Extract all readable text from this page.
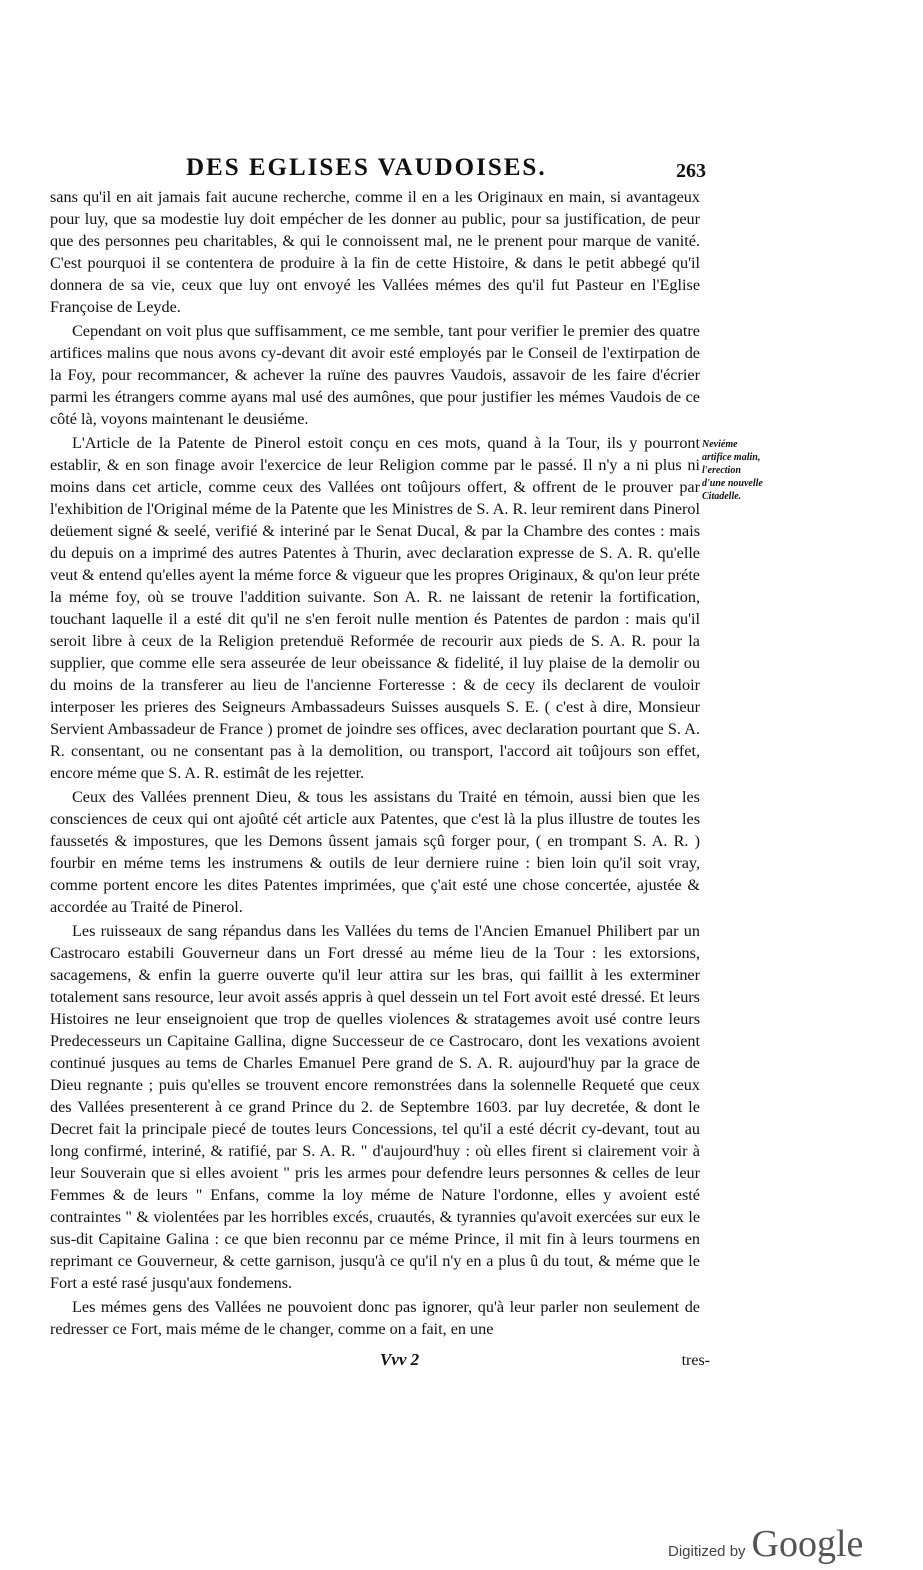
DES EGLISES VAUDOISES.	263

sans qu'il en ait jamais fait aucune recherche, comme il en a les Originaux en main, si avantageux pour luy, que sa modestie luy doit empécher de les donner au public, pour sa justification, de peur que des personnes peu charitables, & qui le connoissent mal, ne le prenent pour marque de vanité. C'est pourquoi il se contentera de produire à la fin de cette Histoire, & dans le petit abbegé qu'il donnera de sa vie, ceux que luy ont envoyé les Vallées mémes des qu'il fut Pasteur en l'Eglise Françoise de Leyde.

Cependant on voit plus que suffisamment, ce me semble, tant pour verifier le premier des quatre artifices malins que nous avons cy-devant dit avoir esté employés par le Conseil de l'extirpation de la Foy, pour recommancer, & achever la ruïne des pauvres Vaudois, assavoir de les faire d'écrier parmi les étrangers comme ayans mal usé des aumônes, que pour justifier les mémes Vaudois de ce côté là, voyons maintenant le deusiéme.

L'Article de la Patente de Pinerol estoit conçu en ces mots, quand à la Tour, ils y pourront establir, & en son finage avoir l'exercice de leur Religion comme par le passé. Il n'y a ni plus ni moins dans cet article, comme ceux des Vallées ont toûjours offert, & offrent de le prouver par l'exhibition de l'Original méme de la Patente que les Ministres de S. A. R. leur remirent dans Pinerol deüement signé & seelé, verifié & interiné par le Senat Ducal, & par la Chambre des contes : mais du depuis on a imprimé des autres Patentes à Thurin, avec declaration expresse de S. A. R. qu'elle veut & entend qu'elles ayent la méme force & vigueur que les propres Originaux, & qu'on leur préte la méme foy, où se trouve l'addition suivante. Son A. R. ne laissant de retenir la fortification, touchant laquelle il a esté dit qu'il ne s'en feroit nulle mention és Patentes de pardon : mais qu'il seroit libre à ceux de la Religion pretenduë Reformée de recourir aux pieds de S. A. R. pour la supplier, que comme elle sera asseurée de leur obeissance & fidelité, il luy plaise de la demolir ou du moins de la transferer au lieu de l'ancienne Forteresse : & de cecy ils declarent de vouloir interposer les prieres des Seigneurs Ambassadeurs Suisses ausquels S. E. ( c'est à dire, Monsieur Servient Ambassadeur de France ) promet de joindre ses offices, avec declaration pourtant que S. A. R. consentant, ou ne consentant pas à la demolition, ou transport, l'accord ait toûjours son effet, encore méme que S. A. R. estimât de les rejetter.

Ceux des Vallées prennent Dieu, & tous les assistans du Traité en témoin, aussi bien que les consciences de ceux qui ont ajoûté cét article aux Patentes, que c'est là la plus illustre de toutes les faussetés & impostures, que les Demons ûssent jamais sçû forger pour, ( en trompant S. A. R. ) fourbir en méme tems les instrumens & outils de leur derniere ruine : bien loin qu'il soit vray, comme portent encore les dites Patentes imprimées, que ç'ait esté une chose concertée, ajustée & accordée au Traité de Pinerol.

Les ruisseaux de sang répandus dans les Vallées du tems de l'Ancien Emanuel Philibert par un Castrocaro estabili Gouverneur dans un Fort dressé au méme lieu de la Tour : les extorsions, sacagemens, & enfin la guerre ouverte qu'il leur attira sur les bras, qui faillit à les exterminer totalement sans resource, leur avoit assés appris à quel dessein un tel Fort avoit esté dressé. Et leurs Histoires ne leur enseignoient que trop de quelles violences & stratagemes avoit usé contre leurs Predecesseurs un Capitaine Gallina, digne Successeur de ce Castrocaro, dont les vexations avoient continué jusques au tems de Charles Emanuel Pere grand de S. A. R. aujourd'huy par la grace de Dieu regnante ; puis qu'elles se trouvent encore remonstrées dans la solennelle Requeté que ceux des Vallées presenterent à ce grand Prince du 2. de Septembre 1603. par luy decretée, & dont le Decret fait la principale piecé de toutes leurs Concessions, tel qu'il a esté décrit cy-devant, tout au long confirmé, interiné, & ratifié, par S. A. R. " d'aujourd'huy : où elles firent si clairement voir à leur Souverain que si elles avoient " pris les armes pour defendre leurs personnes & celles de leur Femmes & de leurs " Enfans, comme la loy méme de Nature l'ordonne, elles y avoient esté contraintes " & violentées par les horribles excés, cruautés, & tyrannies qu'avoit exercées sur eux le sus-dit Capitaine Galina : ce que bien reconnu par ce méme Prince, il mit fin à leurs tourmens en reprimant ce Gouverneur, & cette garnison, jusqu'à ce qu'il n'y en a plus û du tout, & méme que le Fort a esté rasé jusqu'aux fondemens.

Les mémes gens des Vallées ne pouvoient donc pas ignorer, qu'à leur parler non seulement de redresser ce Fort, mais méme de le changer, comme on a fait, en une

Neviéme artifice malin, l'erection d'une nouvelle Citadelle.
Vvv 2	tres-
Digitized by Google
